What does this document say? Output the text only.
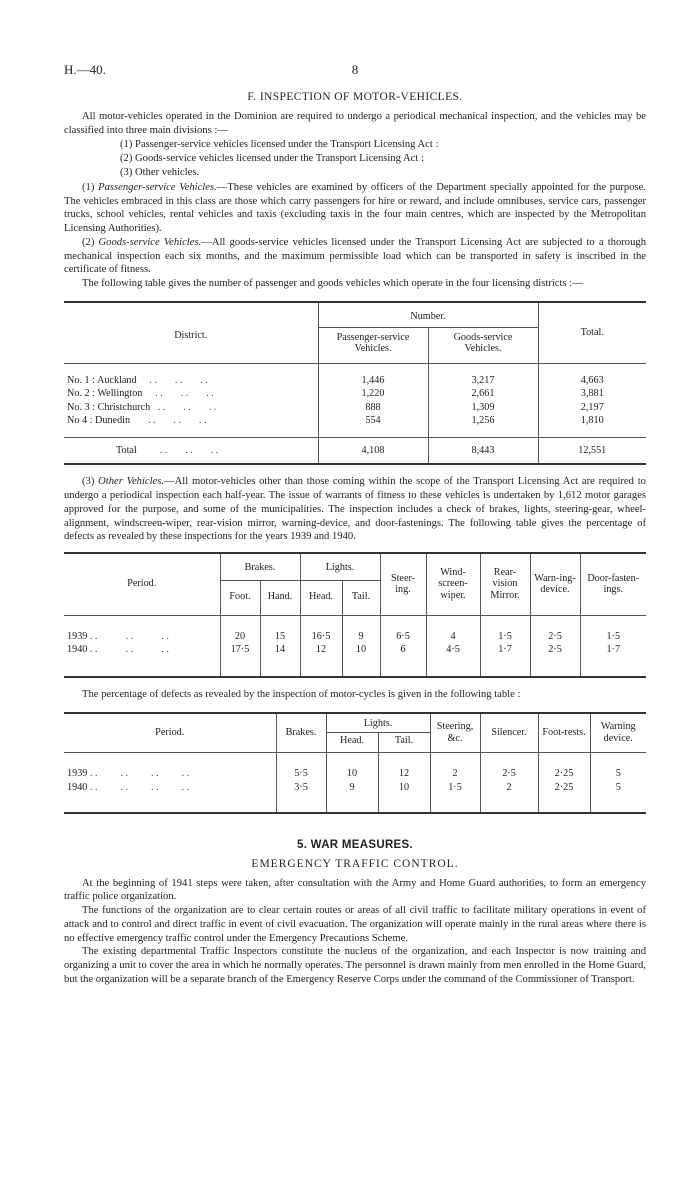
H.—40.	8
F. INSPECTION OF MOTOR-VEHICLES.

All motor-vehicles operated in the Dominion are required to undergo a periodical mechanical inspection, and the vehicles may be classified into three main divisions :—

(1) Passenger-service vehicles licensed under the Transport Licensing Act :
(2) Goods-service vehicles licensed under the Transport Licensing Act :
(3) Other vehicles.

(1) Passenger-service Vehicles.—These vehicles are examined by officers of the Department specially appointed for the purpose. The vehicles embraced in this class are those which carry passengers for hire or reward, and include omnibuses, service cars, passenger trucks, school vehicles, rental vehicles and taxis (excluding taxis in the four main centres, which are inspected by the Metropolitan Licensing Authorities).

(2) Goods-service Vehicles.—All goods-service vehicles licensed under the Transport Licensing Act are subjected to a thorough mechanical inspection each six months, and the maximum permissible load which can be transported in safety is inscribed in the certificate of fitness.

The following table gives the number of passenger and goods vehicles which operate in the four licensing districts :—

District.	Number.		Total.
	Passenger-service Vehicles.	Goods-service Vehicles.	

No. 1 : Auckland     . .       . .       . .	1,446	3,217	4,663
No. 2 : Wellington     . .       . .       . .	1,220	2,661	3,881
No. 3 : Christchurch   . .       . .       . .	888	1,309	2,197
No 4 : Dunedin       . .       . .       . .	554	1,256	1,810

Total         . .       . .       . .	4,108	8,443	12,551

(3) Other Vehicles.—All motor-vehicles other than those coming within the scope of the Transport Licensing Act are required to undergo a periodical inspection each half-year. The issue of warrants of fitness to these vehicles is undertaken by 1,612 motor garages approved for the purpose, and some of the municipalities. The inspection includes a check of brakes, lights, steering-gear, wheel-alignment, windscreen-wiper, rear-vision mirror, warning-device, and door-fastenings. The following table gives the percentage of defects as revealed by these inspections for the years 1939 and 1940.

Period.	Brakes.		Lights.		Steer-ing.	Wind-screen-wiper.	Rear-vision Mirror.	Warn-ing-device.	Door-fasten-ings.
	Foot.	Hand.	Head.	Tail.					

1939 . .           . .           . .	20	15	16·5	9	6·5	4	1·5	2·5	1·5
1940 . .           . .           . .	17·5	14	12	10	6	4·5	1·7	2·5	1·7

The percentage of defects as revealed by the inspection of motor-cycles is given in the following table :

Period.	Brakes.	Lights.		Steering, &c.	Silencer.	Foot-rests.	Warning device.
		Head.	Tail.				

1939 . .         . .         . .         . .	5·5	10	12	2	2·5	2·25	5
1940 . .         . .         . .         . .	3·5	9	10	1·5	2	2·25	5

5. WAR MEASURES.
EMERGENCY TRAFFIC CONTROL.

At the beginning of 1941 steps were taken, after consultation with the Army and Home Guard authorities, to form an emergency traffic police organization.

The functions of the organization are to clear certain routes or areas of all civil traffic to facilitate military operations in event of attack and to control and direct traffic in event of civil evacuation. The organization will operate mainly in the rural areas where there is no effective emergency traffic control under the Emergency Precautions Scheme.

The existing departmental Traffic Inspectors constitute the nucleus of the organization, and each Inspector is now training and organizing a unit to cover the area in which he normally operates. The personnel is drawn mainly from men enrolled in the Home Guard, but the organization will be a separate branch of the Emergency Reserve Corps under the command of the Commissioner of Transport.
